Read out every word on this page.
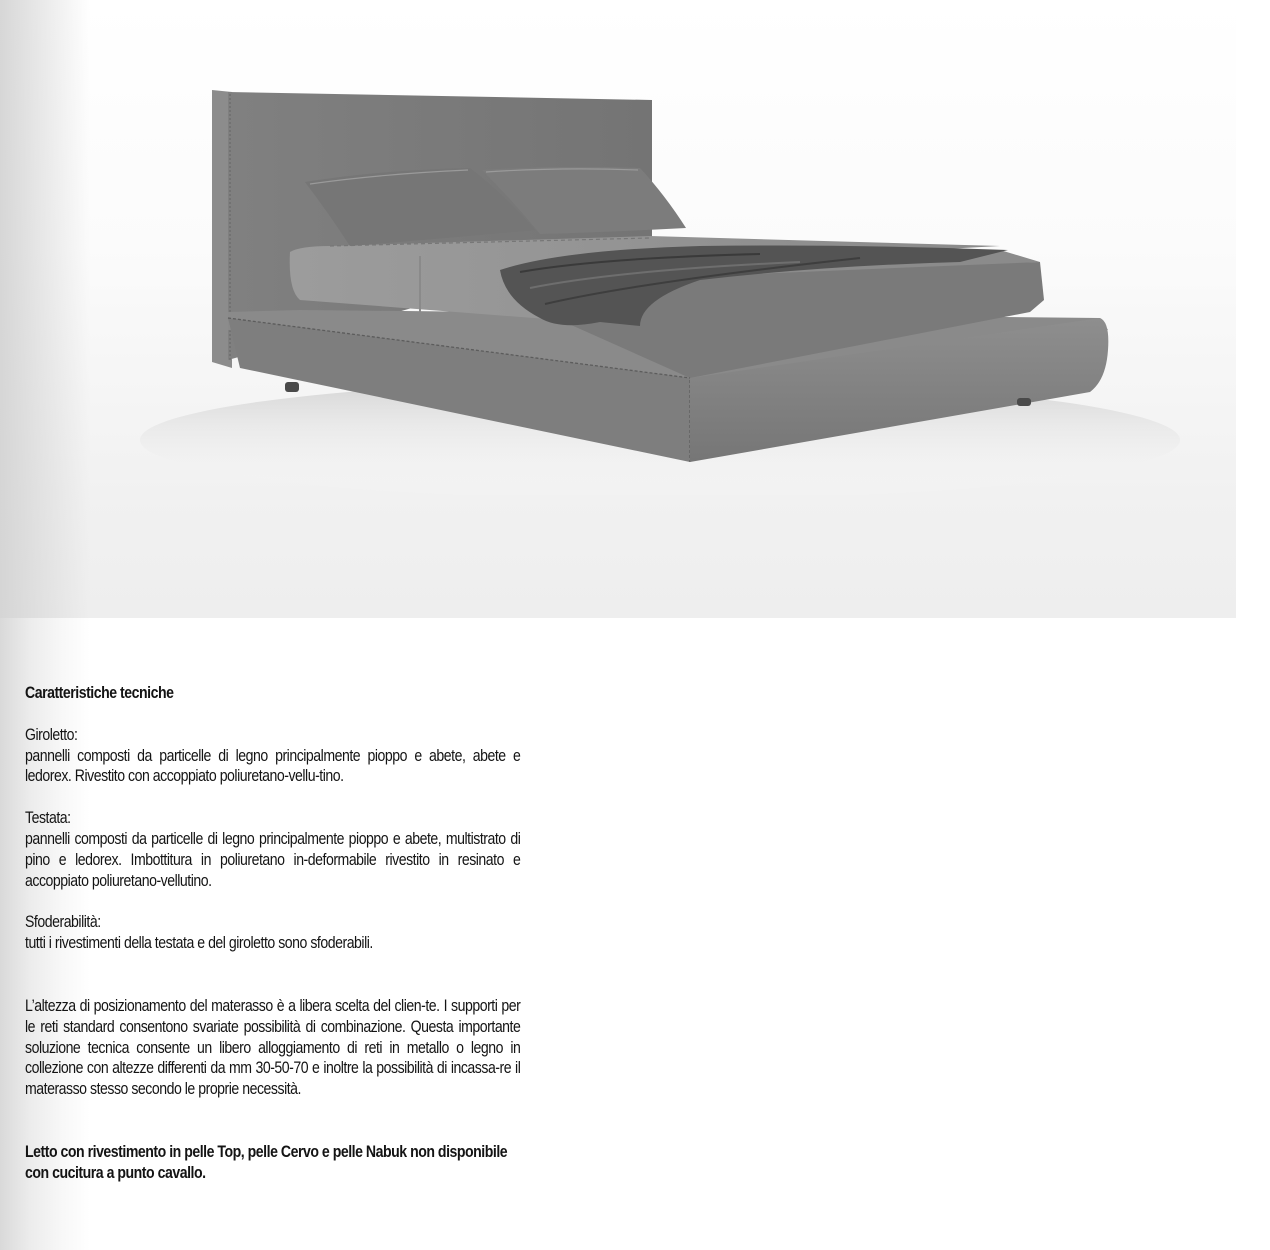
Caratteristiche tecniche
Giroletto:
pannelli composti da particelle di legno principalmente pioppo e abete, abete e ledorex. Rivestito con accoppiato poliuretano-vellu-tino.
Testata:
pannelli composti da particelle di legno principalmente pioppo e abete, multistrato di pino e ledorex. Imbottitura in poliuretano in-deformabile rivestito in resinato e accoppiato poliuretano-vellutino.
Sfoderabilità:
tutti i rivestimenti della testata e del giroletto sono sfoderabili.
L’altezza di posizionamento del materasso è a libera scelta del clien-te. I supporti per le reti standard consentono svariate possibilità di combinazione. Questa importante soluzione tecnica consente un libero alloggiamento di reti in metallo o legno in collezione con altezze differenti da mm 30-50-70 e inoltre la possibilità di incassa-re il materasso stesso secondo le proprie necessità.
Letto con rivestimento in pelle Top, pelle Cervo e pelle Nabuk non disponibile con cucitura a punto cavallo.
